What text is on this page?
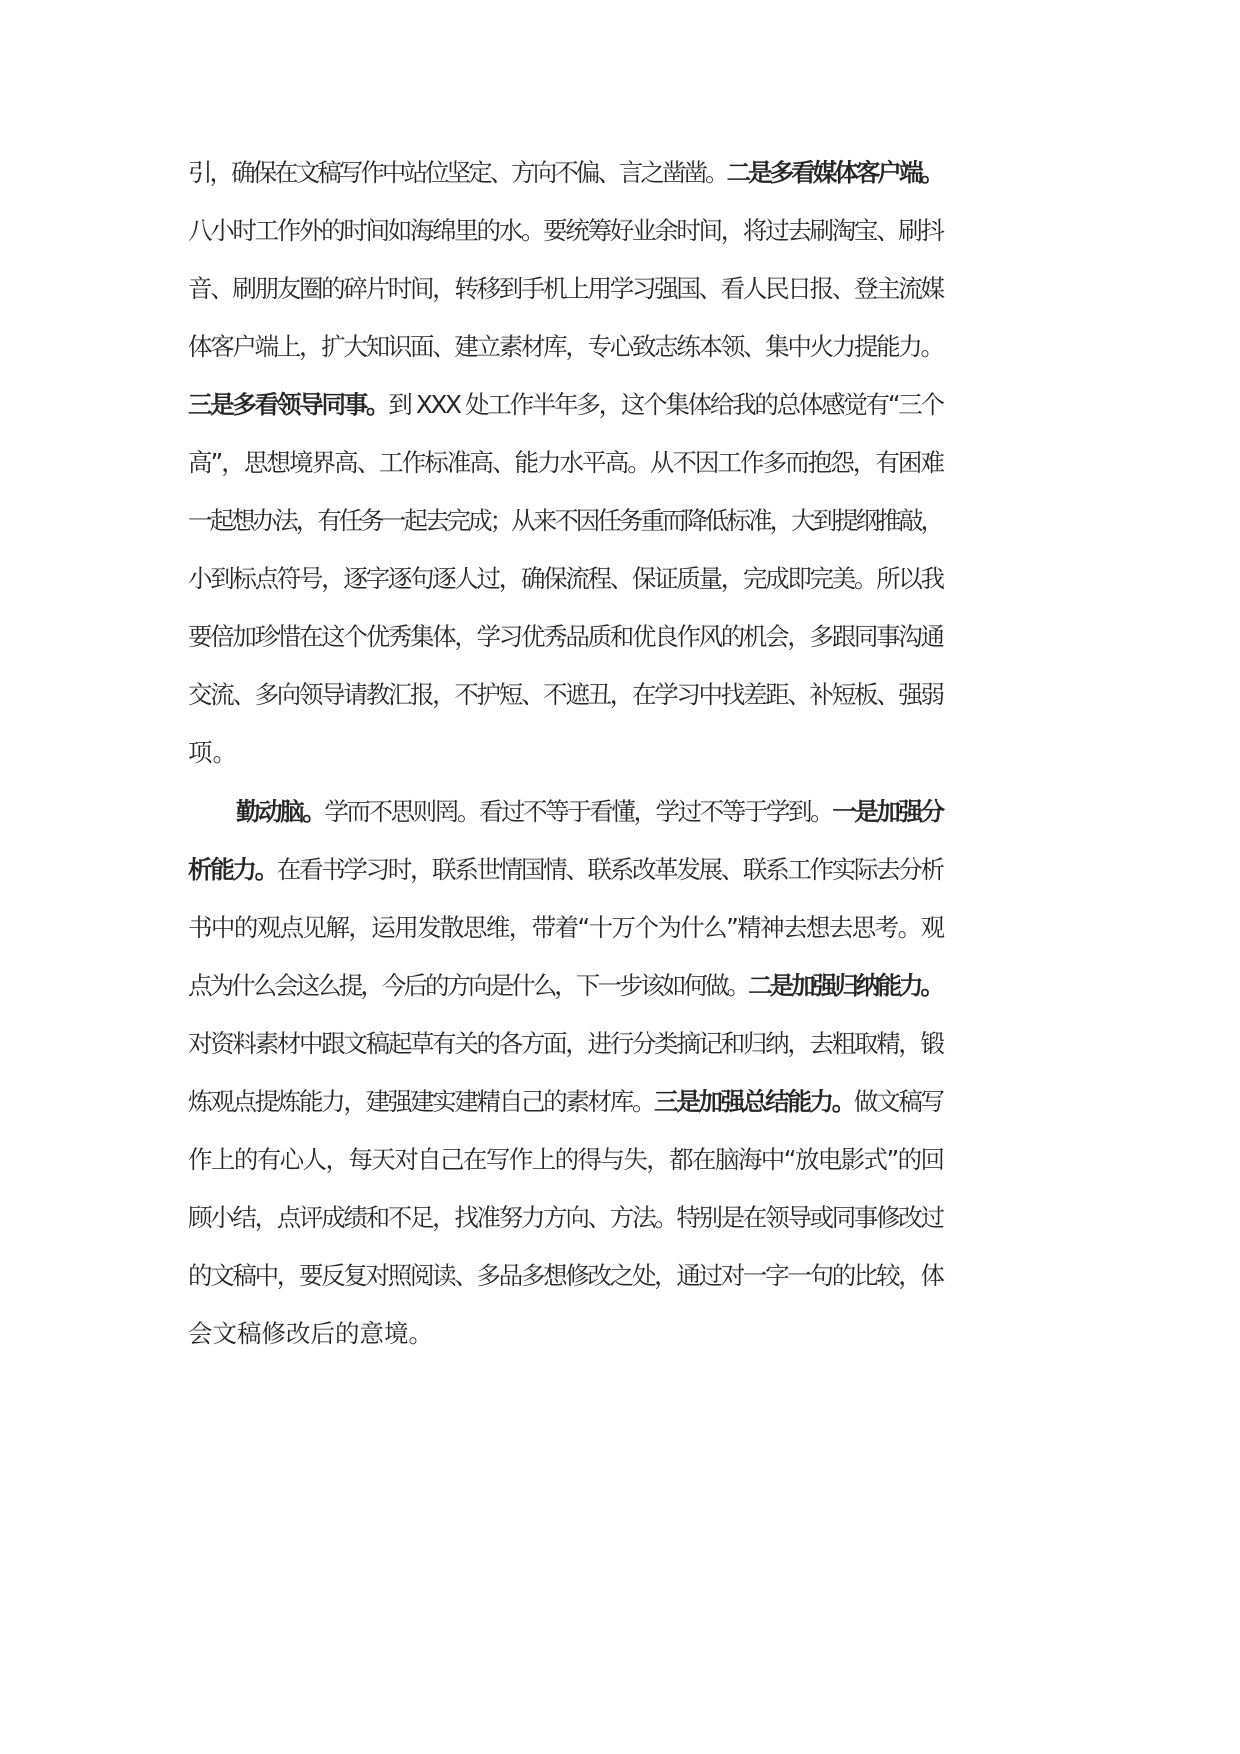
引，确保在文稿写作中站位坚定、方向不偏、言之凿凿。二是多看媒体客户端。
八小时工作外的时间如海绵里的水。要统筹好业余时间，将过去刷淘宝、刷抖
音、刷朋友圈的碎片时间，转移到手机上用学习强国、看人民日报、登主流媒
体客户端上，扩大知识面、建立素材库，专心致志练本领、集中火力提能力。
三是多看领导同事。到 XXX 处工作半年多，这个集体给我的总体感觉有“三个
高”，思想境界高、工作标准高、能力水平高。从不因工作多而抱怨，有困难
一起想办法，有任务一起去完成；从来不因任务重而降低标准，大到提纲推敲，
小到标点符号，逐字逐句逐人过，确保流程、保证质量，完成即完美。所以我
要倍加珍惜在这个优秀集体，学习优秀品质和优良作风的机会，多跟同事沟通
交流、多向领导请教汇报，不护短、不遮丑，在学习中找差距、补短板、强弱
项。
勤动脑。学而不思则罔。看过不等于看懂，学过不等于学到。一是加强分
析能力。在看书学习时，联系世情国情、联系改革发展、联系工作实际去分析
书中的观点见解，运用发散思维，带着“十万个为什么”精神去想去思考。观
点为什么会这么提，今后的方向是什么，下一步该如何做。二是加强归纳能力。
对资料素材中跟文稿起草有关的各方面，进行分类摘记和归纳，去粗取精，锻
炼观点提炼能力，建强建实建精自己的素材库。三是加强总结能力。做文稿写
作上的有心人，每天对自己在写作上的得与失，都在脑海中“放电影式”的回
顾小结，点评成绩和不足，找准努力方向、方法。特别是在领导或同事修改过
的文稿中，要反复对照阅读、多品多想修改之处，通过对一字一句的比较，体
会文稿修改后的意境。
